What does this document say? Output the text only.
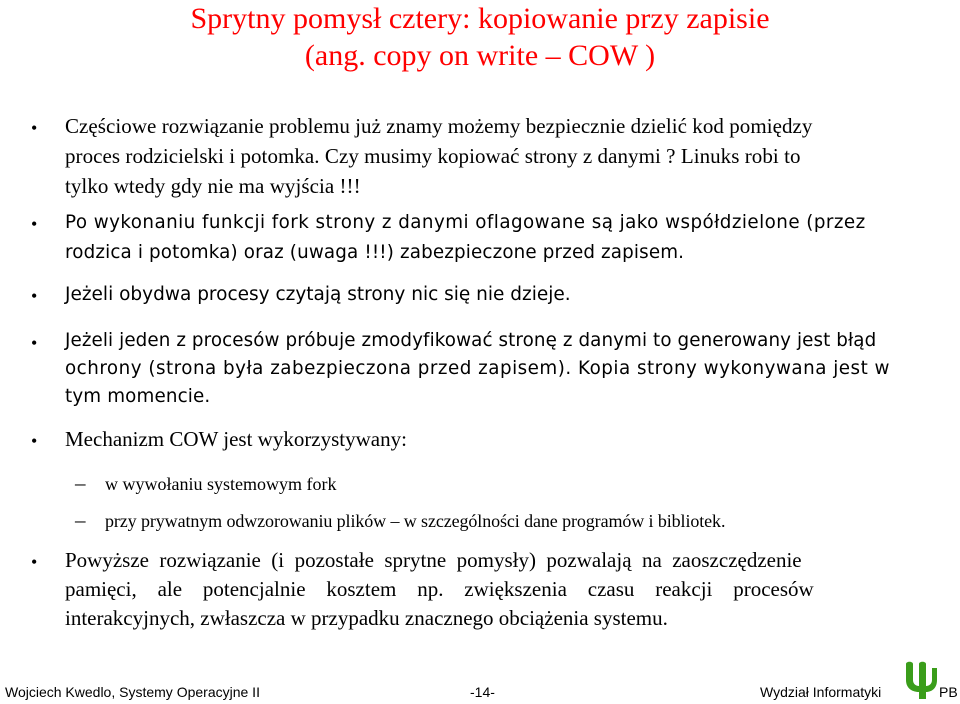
Sprytny pomysł cztery: kopiowanie przy zapisie
(ang. copy on write – COW )
•
Częściowe rozwiązanie problemu już znamy możemy bezpiecznie dzielić kod pomiędzy
proces rodzicielski i potomka. Czy musimy kopiować strony z danymi ? Linuks robi to
tylko wtedy gdy nie ma wyjścia !!!
•
Po wykonaniu funkcji fork strony z danymi oflagowane są jako współdzielone (przez
rodzica i potomka) oraz (uwaga !!!) zabezpieczone przed zapisem.
•
Jeżeli obydwa procesy czytają strony nic się nie dzieje.
•
Jeżeli jeden z procesów próbuje zmodyfikować stronę z danymi to generowany jest błąd
ochrony (strona była zabezpieczona przed zapisem). Kopia strony wykonywana jest w
tym momencie.
•
Mechanizm COW jest wykorzystywany:
– w wywołaniu systemowym fork
– przy prywatnym odwzorowaniu plików – w szczególności dane programów i bibliotek.
•
Powyższe rozwiązanie (i pozostałe sprytne pomysły) pozwalają na zaoszczędzenie
pamięci, ale potencjalnie kosztem np. zwiększenia czasu reakcji procesów
interakcyjnych, zwłaszcza w przypadku znacznego obciążenia systemu.
Wojciech Kwedlo, Systemy Operacyjne II	-14-	Wydział Informatyki	PB
